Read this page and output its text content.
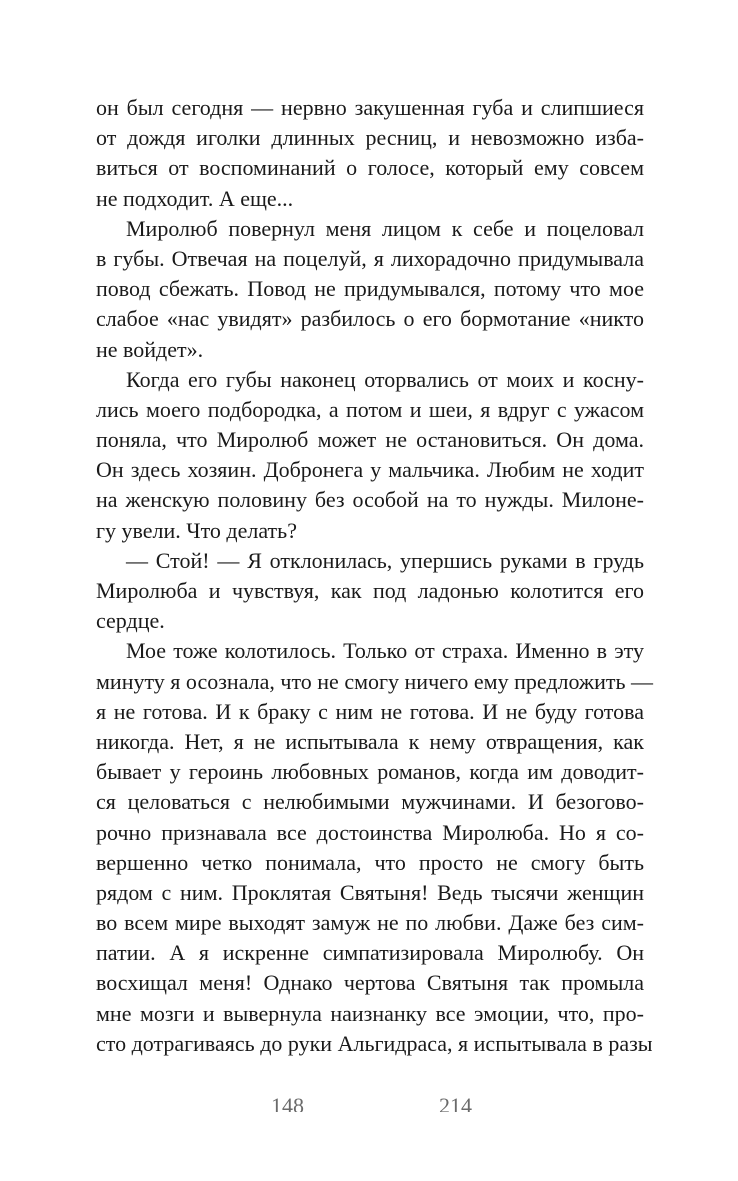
он был сегодня — нервно закушенная губа и слипшиеся
от дождя иголки длинных ресниц, и невозможно изба-
виться от воспоминаний о голосе, который ему совсем
не подходит. А еще...
Миролюб повернул меня лицом к себе и поцеловал
в губы. Отвечая на поцелуй, я лихорадочно придумывала
повод сбежать. Повод не придумывался, потому что мое
слабое «нас увидят» разбилось о его бормотание «никто
не войдет».
Когда его губы наконец оторвались от моих и косну-
лись моего подбородка, а потом и шеи, я вдруг с ужасом
поняла, что Миролюб может не остановиться. Он дома.
Он здесь хозяин. Добронега у мальчика. Любим не ходит
на женскую половину без особой на то нужды. Милоне-
гу увели. Что делать?
— Стой! — Я отклонилась, упершись руками в грудь
Миролюба и чувствуя, как под ладонью колотится его
сердце.
Мое тоже колотилось. Только от страха. Именно в эту
минуту я осознала, что не смогу ничего ему предложить —
я не готова. И к браку с ним не готова. И не буду готова
никогда. Нет, я не испытывала к нему отвращения, как
бывает у героинь любовных романов, когда им доводит-
ся целоваться с нелюбимыми мужчинами. И безогово-
рочно признавала все достоинства Миролюба. Но я со-
вершенно четко понимала, что просто не смогу быть
рядом с ним. Проклятая Святыня! Ведь тысячи женщин
во всем мире выходят замуж не по любви. Даже без сим-
патии. А я искренне симпатизировала Миролюбу. Он
восхищал меня! Однако чертова Святыня так промыла
мне мозги и вывернула наизнанку все эмоции, что, про-
сто дотрагиваясь до руки Альгидраса, я испытывала в разы
148	214
